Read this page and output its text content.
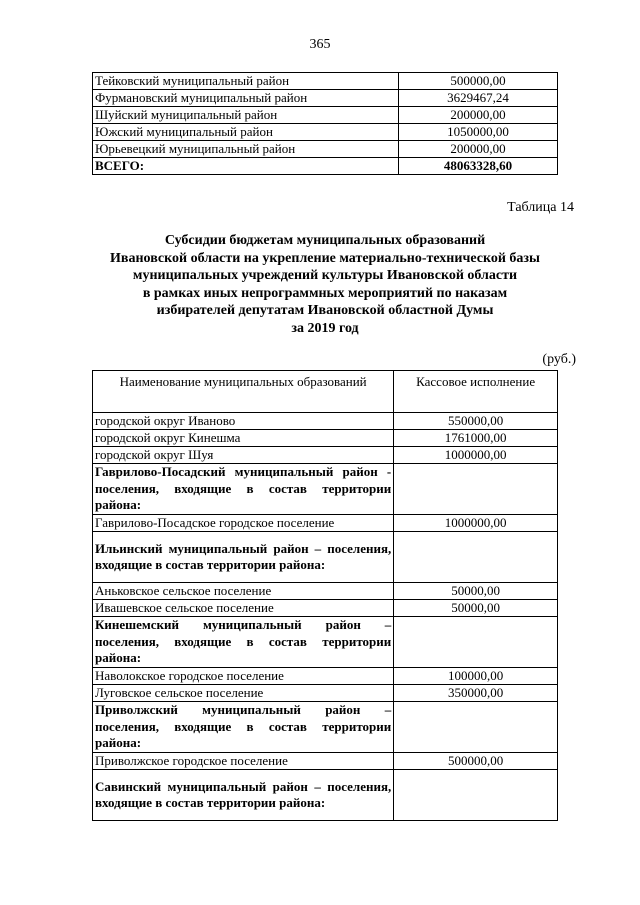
365
Тейковский муниципальный район	500000,00
Фурмановский муниципальный район	3629467,24
Шуйский муниципальный район	200000,00
Южский муниципальный район	1050000,00
Юрьевецкий муниципальный район	200000,00
ВСЕГО:	48063328,60
Таблица 14
Субсидии бюджетам муниципальных образований
Ивановской области на укрепление материально-технической базы
муниципальных учреждений культуры Ивановской области
в рамках иных непрограммных мероприятий по наказам
избирателей депутатам Ивановской областной Думы
за 2019 год
(руб.)
Наименование муниципальных образований	Кассовое исполнение
городской округ Иваново	550000,00
городской округ Кинешма	1761000,00
городской округ Шуя	1000000,00
Гаврилово-Посадский муниципальный район - поселения, входящие в состав территории района:	
Гаврилово-Посадское городское поселение	1000000,00
Ильинский муниципальный район – поселения, входящие в состав территории района:	
Аньковское сельское поселение	50000,00
Ивашевское сельское поселение	50000,00
Кинешемский муниципальный район – поселения, входящие в состав территории района:	
Наволокское городское поселение	100000,00
Луговское сельское поселение	350000,00
Приволжский муниципальный район – поселения, входящие в состав территории района:	
Приволжское городское поселение	500000,00
Савинский муниципальный район – поселения, входящие в состав территории района:	
